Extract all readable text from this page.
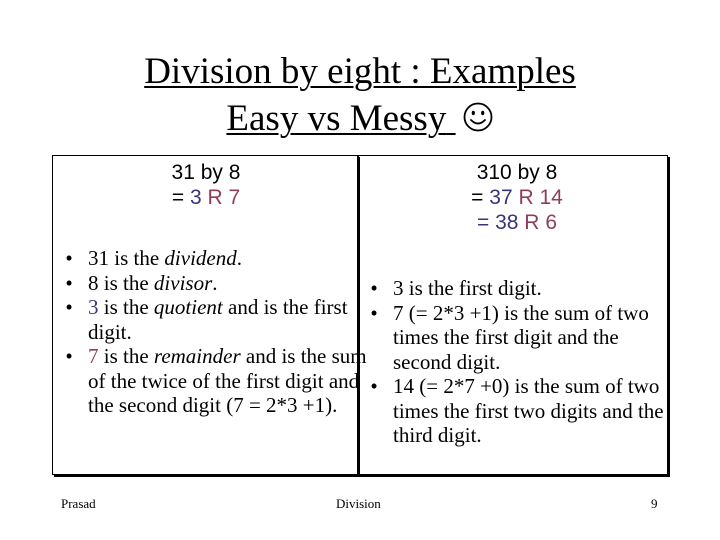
Division by eight : Examples
Easy vs Messy
31 by 8
= 3 R 7
310 by 8
= 37 R 14
= 38 R 6
• 31 is the dividend.
• 8 is the divisor.
• 3 is the quotient and is the first digit.
• 7 is the remainder and is the sum of the twice of the first digit and the second digit (7 = 2*3 +1).
• 3 is the first digit.
• 7 (= 2*3 +1) is the sum of two times the first digit and the second digit.
• 14 (= 2*7 +0) is the sum of two times the first two digits and the third digit.
Prasad	Division	9
